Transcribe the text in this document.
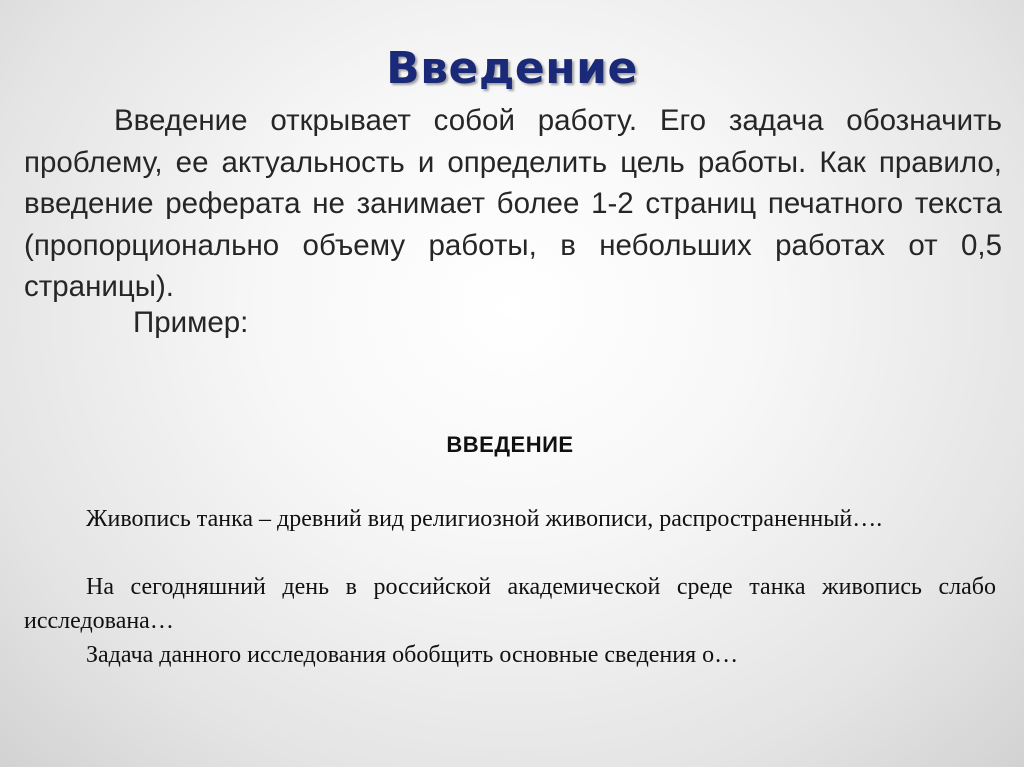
Введение

Введение открывает собой работу. Его задача обозначить проблему, ее актуальность и определить цель работы. Как правило, введение реферата не занимает более 1-2 страниц печатного текста (пропорционально объему работы, в небольших работах от 0,5 страницы).

Пример:

ВВЕДЕНИЕ

Живопись танка – древний вид религиозной живописи, распространенный….

На сегодняшний день в российской академической среде танка живопись слабо исследована…

Задача данного исследования обобщить основные сведения о…
